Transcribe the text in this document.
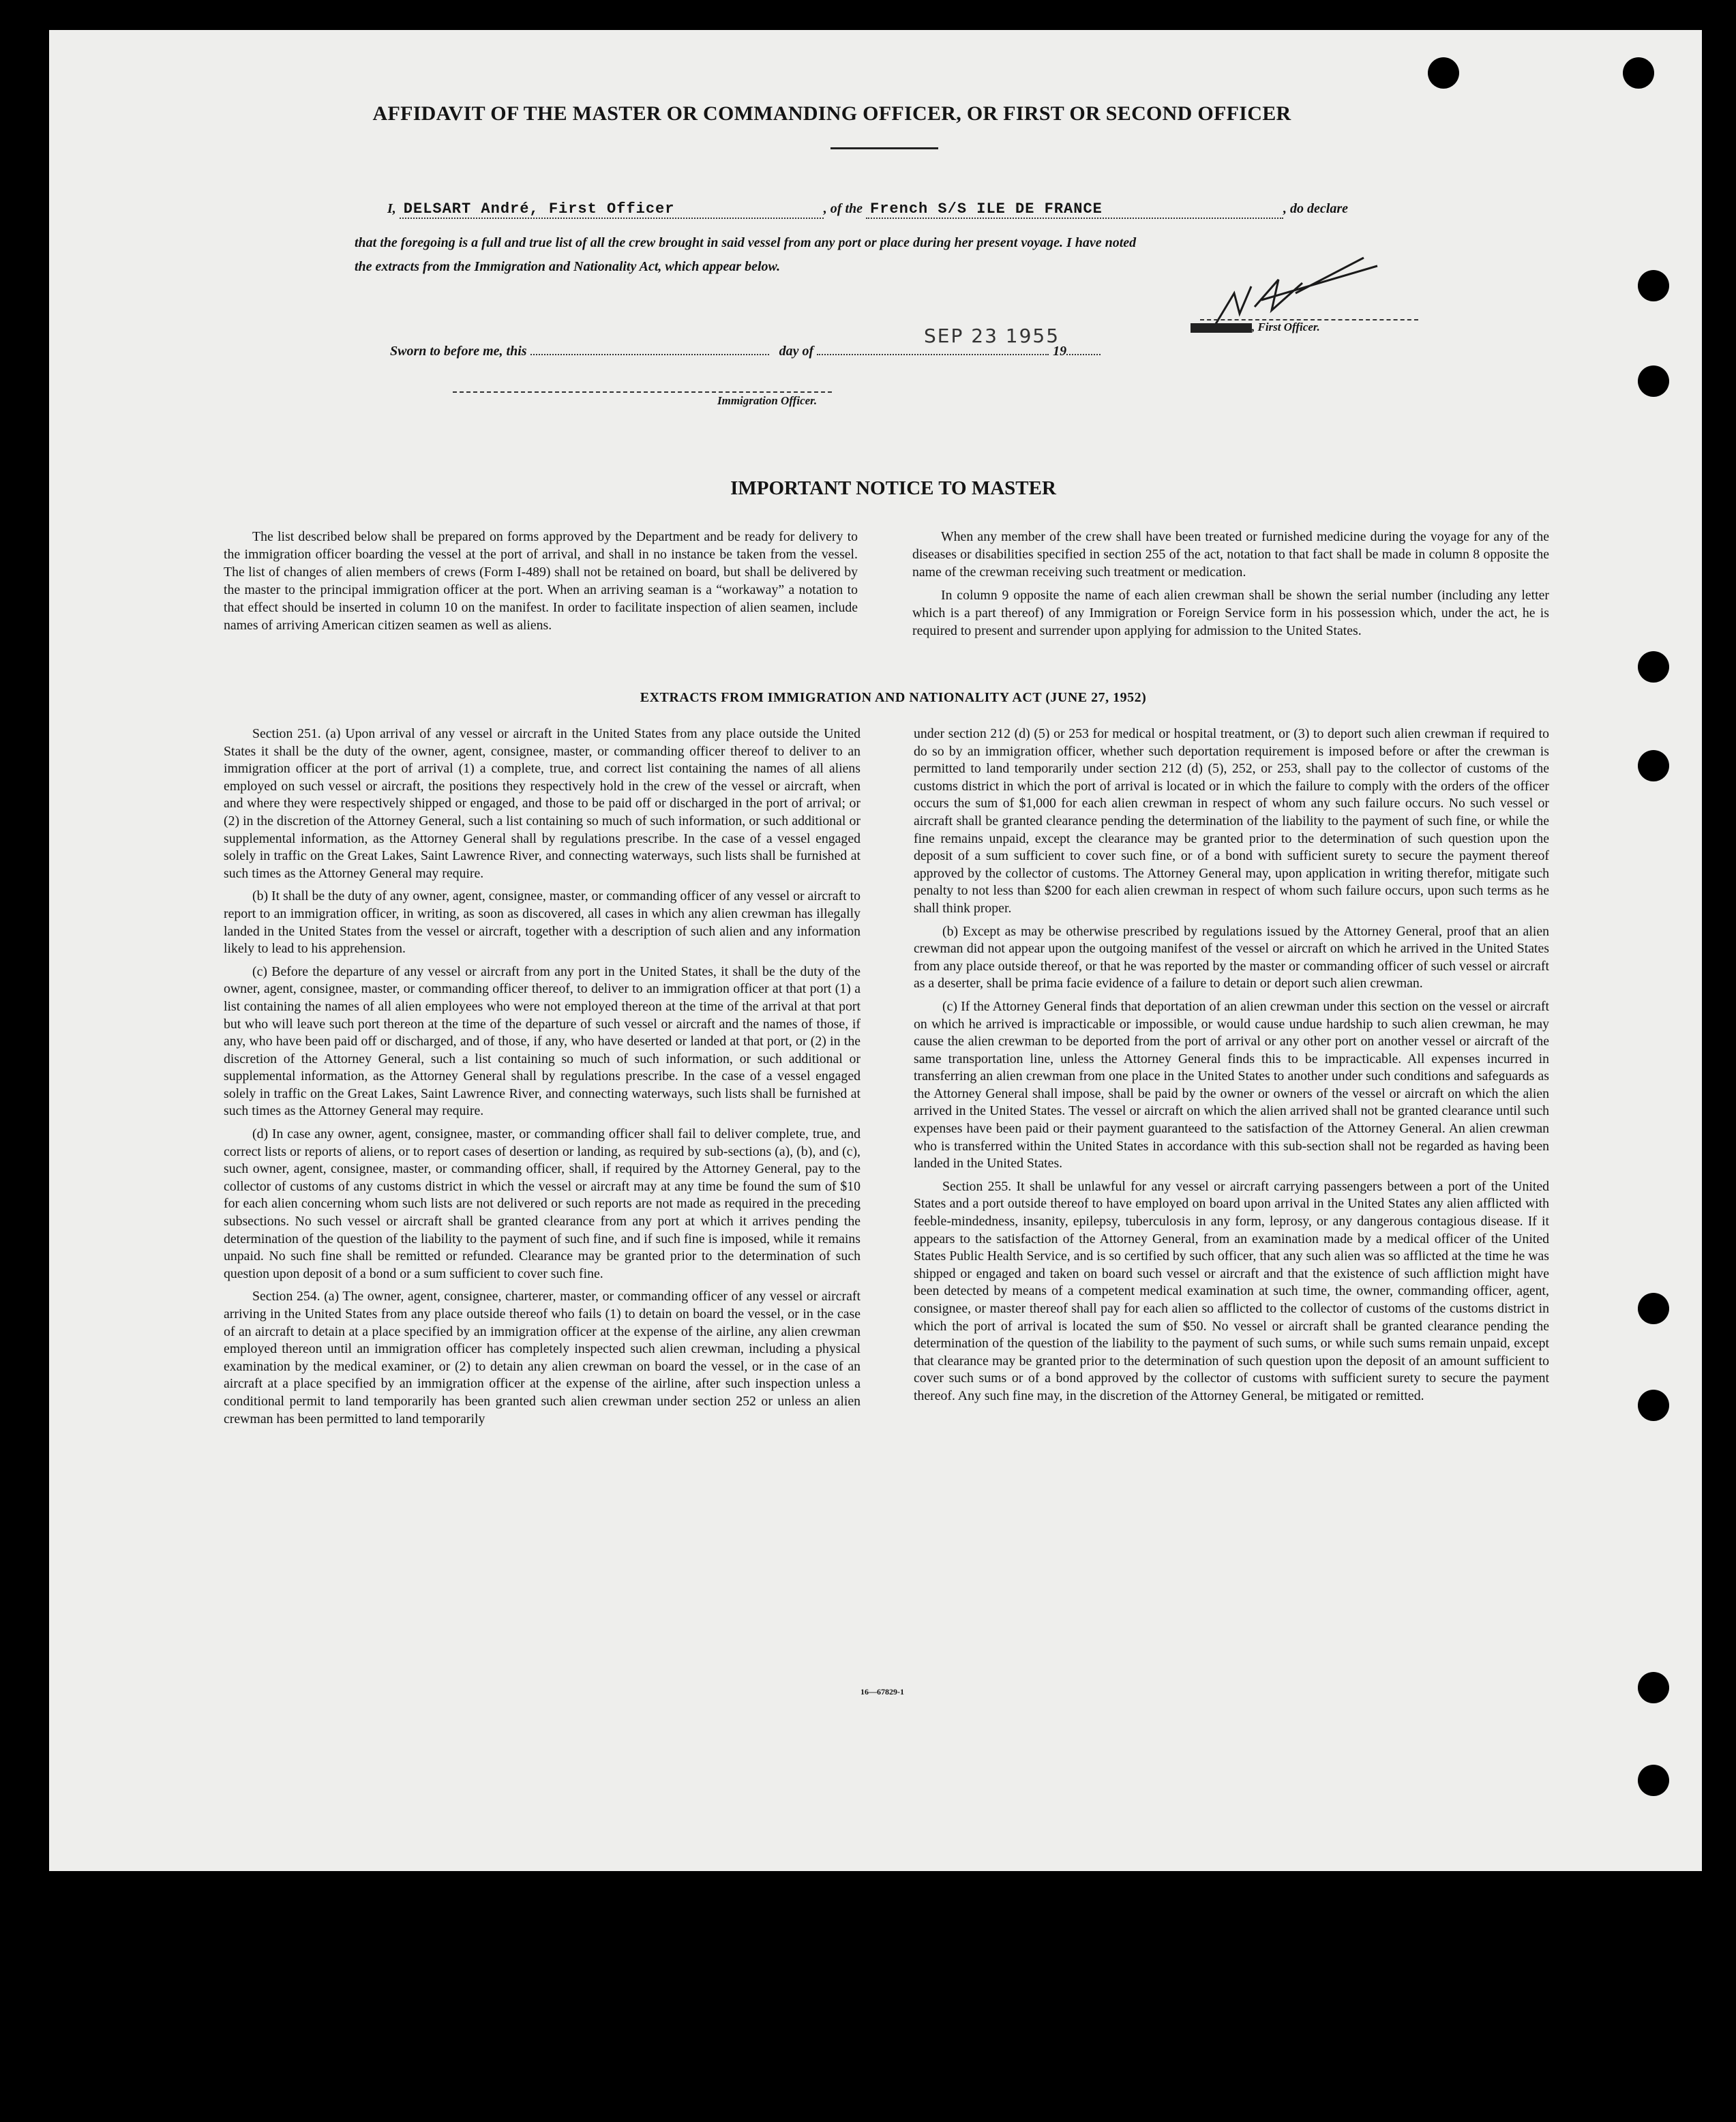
AFFIDAVIT OF THE MASTER OR COMMANDING OFFICER, OR FIRST OR SECOND OFFICER
I, DELSART André, First Officer	, of the French S/S ILE DE FRANCE	, do declare
that the foregoing is a full and true list of all the crew brought in said vessel from any port or place during her present voyage. I have noted
the extracts from the Immigration and Nationality Act, which appear below.
, First Officer.
Sworn to before me, this	day of	19
SEP 23 1955
Immigration Officer.
IMPORTANT NOTICE TO MASTER

The list described below shall be prepared on forms approved by the Department and be ready for delivery to the immigration officer boarding the vessel at the port of arrival, and shall in no instance be taken from the vessel. The list of changes of alien members of crews (Form I-489) shall not be retained on board, but shall be delivered by the master to the principal immigration officer at the port. When an arriving seaman is a “workaway” a notation to that effect should be inserted in column 10 on the manifest. In order to facilitate inspection of alien seamen, include names of arriving American citizen seamen as well as aliens.

When any member of the crew shall have been treated or furnished medicine during the voyage for any of the diseases or disabilities specified in section 255 of the act, notation to that fact shall be made in column 8 opposite the name of the crewman receiving such treatment or medication.

In column 9 opposite the name of each alien crewman shall be shown the serial number (including any letter which is a part thereof) of any Immigration or Foreign Service form in his possession which, under the act, he is required to present and surrender upon applying for admission to the United States.

EXTRACTS FROM IMMIGRATION AND NATIONALITY ACT (JUNE 27, 1952)

Section 251. (a) Upon arrival of any vessel or aircraft in the United States from any place outside the United States it shall be the duty of the owner, agent, consignee, master, or commanding officer thereof to deliver to an immigration officer at the port of arrival (1) a complete, true, and correct list containing the names of all aliens employed on such vessel or aircraft, the positions they respectively hold in the crew of the vessel or aircraft, when and where they were respectively shipped or engaged, and those to be paid off or discharged in the port of arrival; or (2) in the discretion of the Attorney General, such a list containing so much of such information, or such additional or supplemental information, as the Attorney General shall by regulations prescribe. In the case of a vessel engaged solely in traffic on the Great Lakes, Saint Lawrence River, and connecting waterways, such lists shall be furnished at such times as the Attorney General may require.

(b) It shall be the duty of any owner, agent, consignee, master, or commanding officer of any vessel or aircraft to report to an immigration officer, in writing, as soon as discovered, all cases in which any alien crewman has illegally landed in the United States from the vessel or aircraft, together with a description of such alien and any information likely to lead to his apprehension.

(c) Before the departure of any vessel or aircraft from any port in the United States, it shall be the duty of the owner, agent, consignee, master, or commanding officer thereof, to deliver to an immigration officer at that port (1) a list containing the names of all alien employees who were not employed thereon at the time of the arrival at that port but who will leave such port thereon at the time of the departure of such vessel or aircraft and the names of those, if any, who have been paid off or discharged, and of those, if any, who have deserted or landed at that port, or (2) in the discretion of the Attorney General, such a list containing so much of such information, or such additional or supplemental information, as the Attorney General shall by regulations prescribe. In the case of a vessel engaged solely in traffic on the Great Lakes, Saint Lawrence River, and connecting waterways, such lists shall be furnished at such times as the Attorney General may require.

(d) In case any owner, agent, consignee, master, or commanding officer shall fail to deliver complete, true, and correct lists or reports of aliens, or to report cases of desertion or landing, as required by sub-sections (a), (b), and (c), such owner, agent, consignee, master, or commanding officer, shall, if required by the Attorney General, pay to the collector of customs of any customs district in which the vessel or aircraft may at any time be found the sum of $10 for each alien concerning whom such lists are not delivered or such reports are not made as required in the preceding subsections. No such vessel or aircraft shall be granted clearance from any port at which it arrives pending the determination of the question of the liability to the payment of such fine, and if such fine is imposed, while it remains unpaid. No such fine shall be remitted or refunded. Clearance may be granted prior to the determination of such question upon deposit of a bond or a sum sufficient to cover such fine.

Section 254. (a) The owner, agent, consignee, charterer, master, or commanding officer of any vessel or aircraft arriving in the United States from any place outside thereof who fails (1) to detain on board the vessel, or in the case of an aircraft to detain at a place specified by an immigration officer at the expense of the airline, any alien crewman employed thereon until an immigration officer has completely inspected such alien crewman, including a physical examination by the medical examiner, or (2) to detain any alien crewman on board the vessel, or in the case of an aircraft at a place specified by an immigration officer at the expense of the airline, after such inspection unless a conditional permit to land temporarily has been granted such alien crewman under section 252 or unless an alien crewman has been permitted to land temporarily

under section 212 (d) (5) or 253 for medical or hospital treatment, or (3) to deport such alien crewman if required to do so by an immigration officer, whether such deportation requirement is imposed before or after the crewman is permitted to land temporarily under section 212 (d) (5), 252, or 253, shall pay to the collector of customs of the customs district in which the port of arrival is located or in which the failure to comply with the orders of the officer occurs the sum of $1,000 for each alien crewman in respect of whom any such failure occurs. No such vessel or aircraft shall be granted clearance pending the determination of the liability to the payment of such fine, or while the fine remains unpaid, except the clearance may be granted prior to the determination of such question upon the deposit of a sum sufficient to cover such fine, or of a bond with sufficient surety to secure the payment thereof approved by the collector of customs. The Attorney General may, upon application in writing therefor, mitigate such penalty to not less than $200 for each alien crewman in respect of whom such failure occurs, upon such terms as he shall think proper.

(b) Except as may be otherwise prescribed by regulations issued by the Attorney General, proof that an alien crewman did not appear upon the outgoing manifest of the vessel or aircraft on which he arrived in the United States from any place outside thereof, or that he was reported by the master or commanding officer of such vessel or aircraft as a deserter, shall be prima facie evidence of a failure to detain or deport such alien crewman.

(c) If the Attorney General finds that deportation of an alien crewman under this section on the vessel or aircraft on which he arrived is impracticable or impossible, or would cause undue hardship to such alien crewman, he may cause the alien crewman to be deported from the port of arrival or any other port on another vessel or aircraft of the same transportation line, unless the Attorney General finds this to be impracticable. All expenses incurred in transferring an alien crewman from one place in the United States to another under such conditions and safeguards as the Attorney General shall impose, shall be paid by the owner or owners of the vessel or aircraft on which the alien arrived in the United States. The vessel or aircraft on which the alien arrived shall not be granted clearance until such expenses have been paid or their payment guaranteed to the satisfaction of the Attorney General. An alien crewman who is transferred within the United States in accordance with this sub-section shall not be regarded as having been landed in the United States.

Section 255. It shall be unlawful for any vessel or aircraft carrying passengers between a port of the United States and a port outside thereof to have employed on board upon arrival in the United States any alien afflicted with feeble-mindedness, insanity, epilepsy, tuberculosis in any form, leprosy, or any dangerous contagious disease. If it appears to the satisfaction of the Attorney General, from an examination made by a medical officer of the United States Public Health Service, and is so certified by such officer, that any such alien was so afflicted at the time he was shipped or engaged and taken on board such vessel or aircraft and that the existence of such affliction might have been detected by means of a competent medical examination at such time, the owner, commanding officer, agent, consignee, or master thereof shall pay for each alien so afflicted to the collector of customs of the customs district in which the port of arrival is located the sum of $50. No vessel or aircraft shall be granted clearance pending the determination of the question of the liability to the payment of such sums, or while such sums remain unpaid, except that clearance may be granted prior to the determination of such question upon the deposit of an amount sufficient to cover such sums or of a bond approved by the collector of customs with sufficient surety to secure the payment thereof. Any such fine may, in the discretion of the Attorney General, be mitigated or remitted.

16—67829-1
